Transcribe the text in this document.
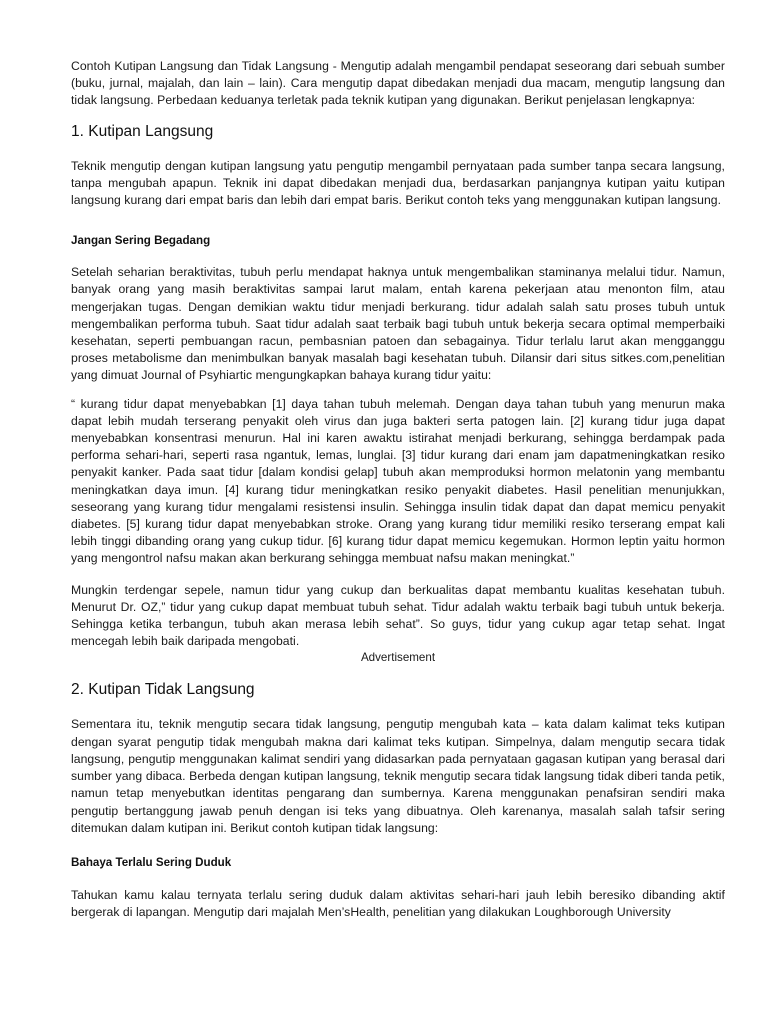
Contoh Kutipan Langsung dan Tidak Langsung - Mengutip adalah mengambil pendapat seseorang dari sebuah sumber (buku, jurnal, majalah, dan lain – lain). Cara mengutip dapat dibedakan menjadi dua macam, mengutip langsung dan tidak langsung. Perbedaan keduanya terletak pada teknik kutipan yang digunakan. Berikut penjelasan lengkapnya:

1. Kutipan Langsung

Teknik mengutip dengan kutipan langsung yatu pengutip mengambil pernyataan pada sumber tanpa secara langsung, tanpa mengubah apapun. Teknik ini dapat dibedakan menjadi dua, berdasarkan panjangnya kutipan yaitu kutipan langsung kurang dari empat baris dan lebih dari empat baris. Berikut contoh teks yang menggunakan kutipan langsung.

Jangan Sering Begadang

Setelah seharian beraktivitas, tubuh perlu mendapat haknya untuk mengembalikan staminanya melalui tidur. Namun, banyak orang yang masih beraktivitas sampai larut malam, entah karena pekerjaan atau menonton film, atau mengerjakan tugas. Dengan demikian waktu tidur menjadi berkurang. tidur adalah salah satu proses tubuh untuk mengembalikan performa tubuh. Saat tidur adalah saat terbaik bagi tubuh untuk bekerja secara optimal memperbaiki kesehatan, seperti pembuangan racun, pembasnian patoen dan sebagainya. Tidur terlalu larut akan mengganggu proses metabolisme dan menimbulkan banyak masalah bagi kesehatan tubuh. Dilansir dari situs sitkes.com,penelitian yang dimuat Journal of Psyhiartic mengungkapkan bahaya kurang tidur yaitu:

“ kurang tidur dapat menyebabkan [1] daya tahan tubuh melemah. Dengan daya tahan tubuh yang menurun maka dapat lebih mudah terserang penyakit oleh virus dan juga bakteri serta patogen lain. [2] kurang tidur juga dapat menyebabkan konsentrasi menurun. Hal ini karen awaktu istirahat menjadi berkurang, sehingga berdampak pada performa sehari-hari, seperti rasa ngantuk, lemas, lunglai. [3] tidur kurang dari enam jam dapatmeningkatkan resiko penyakit kanker. Pada saat tidur [dalam kondisi gelap] tubuh akan memproduksi hormon melatonin yang membantu meningkatkan daya imun. [4] kurang tidur meningkatkan resiko penyakit diabetes. Hasil penelitian menunjukkan, seseorang yang kurang tidur mengalami resistensi insulin. Sehingga insulin tidak dapat dan dapat memicu penyakit diabetes. [5] kurang tidur dapat menyebabkan stroke. Orang yang kurang tidur memiliki resiko terserang empat kali lebih tinggi dibanding orang yang cukup tidur. [6] kurang tidur dapat memicu kegemukan. Hormon leptin yaitu hormon yang mengontrol nafsu makan akan berkurang sehingga membuat nafsu makan meningkat.”

Mungkin terdengar sepele, namun tidur yang cukup dan berkualitas dapat membantu kualitas kesehatan tubuh. Menurut Dr. OZ,” tidur yang cukup dapat membuat tubuh sehat. Tidur adalah waktu terbaik bagi tubuh untuk bekerja. Sehingga ketika terbangun, tubuh akan merasa lebih sehat”. So guys, tidur yang cukup agar tetap sehat. Ingat mencegah lebih baik daripada mengobati.

Advertisement
2. Kutipan Tidak Langsung

Sementara itu, teknik mengutip secara tidak langsung, pengutip mengubah kata – kata dalam kalimat teks kutipan dengan syarat pengutip tidak mengubah makna dari kalimat teks kutipan. Simpelnya, dalam mengutip secara tidak langsung, pengutip menggunakan kalimat sendiri yang didasarkan pada pernyataan gagasan kutipan yang berasal dari sumber yang dibaca. Berbeda dengan kutipan langsung, teknik mengutip secara tidak langsung tidak diberi tanda petik, namun tetap menyebutkan identitas pengarang dan sumbernya. Karena menggunakan penafsiran sendiri maka pengutip bertanggung jawab penuh dengan isi teks yang dibuatnya. Oleh karenanya, masalah salah tafsir sering ditemukan dalam kutipan ini. Berikut contoh kutipan tidak langsung:

Bahaya Terlalu Sering Duduk

Tahukan kamu kalau ternyata terlalu sering duduk dalam aktivitas sehari-hari jauh lebih beresiko dibanding aktif bergerak di lapangan. Mengutip dari majalah Men’sHealth, penelitian yang dilakukan Loughborough University
